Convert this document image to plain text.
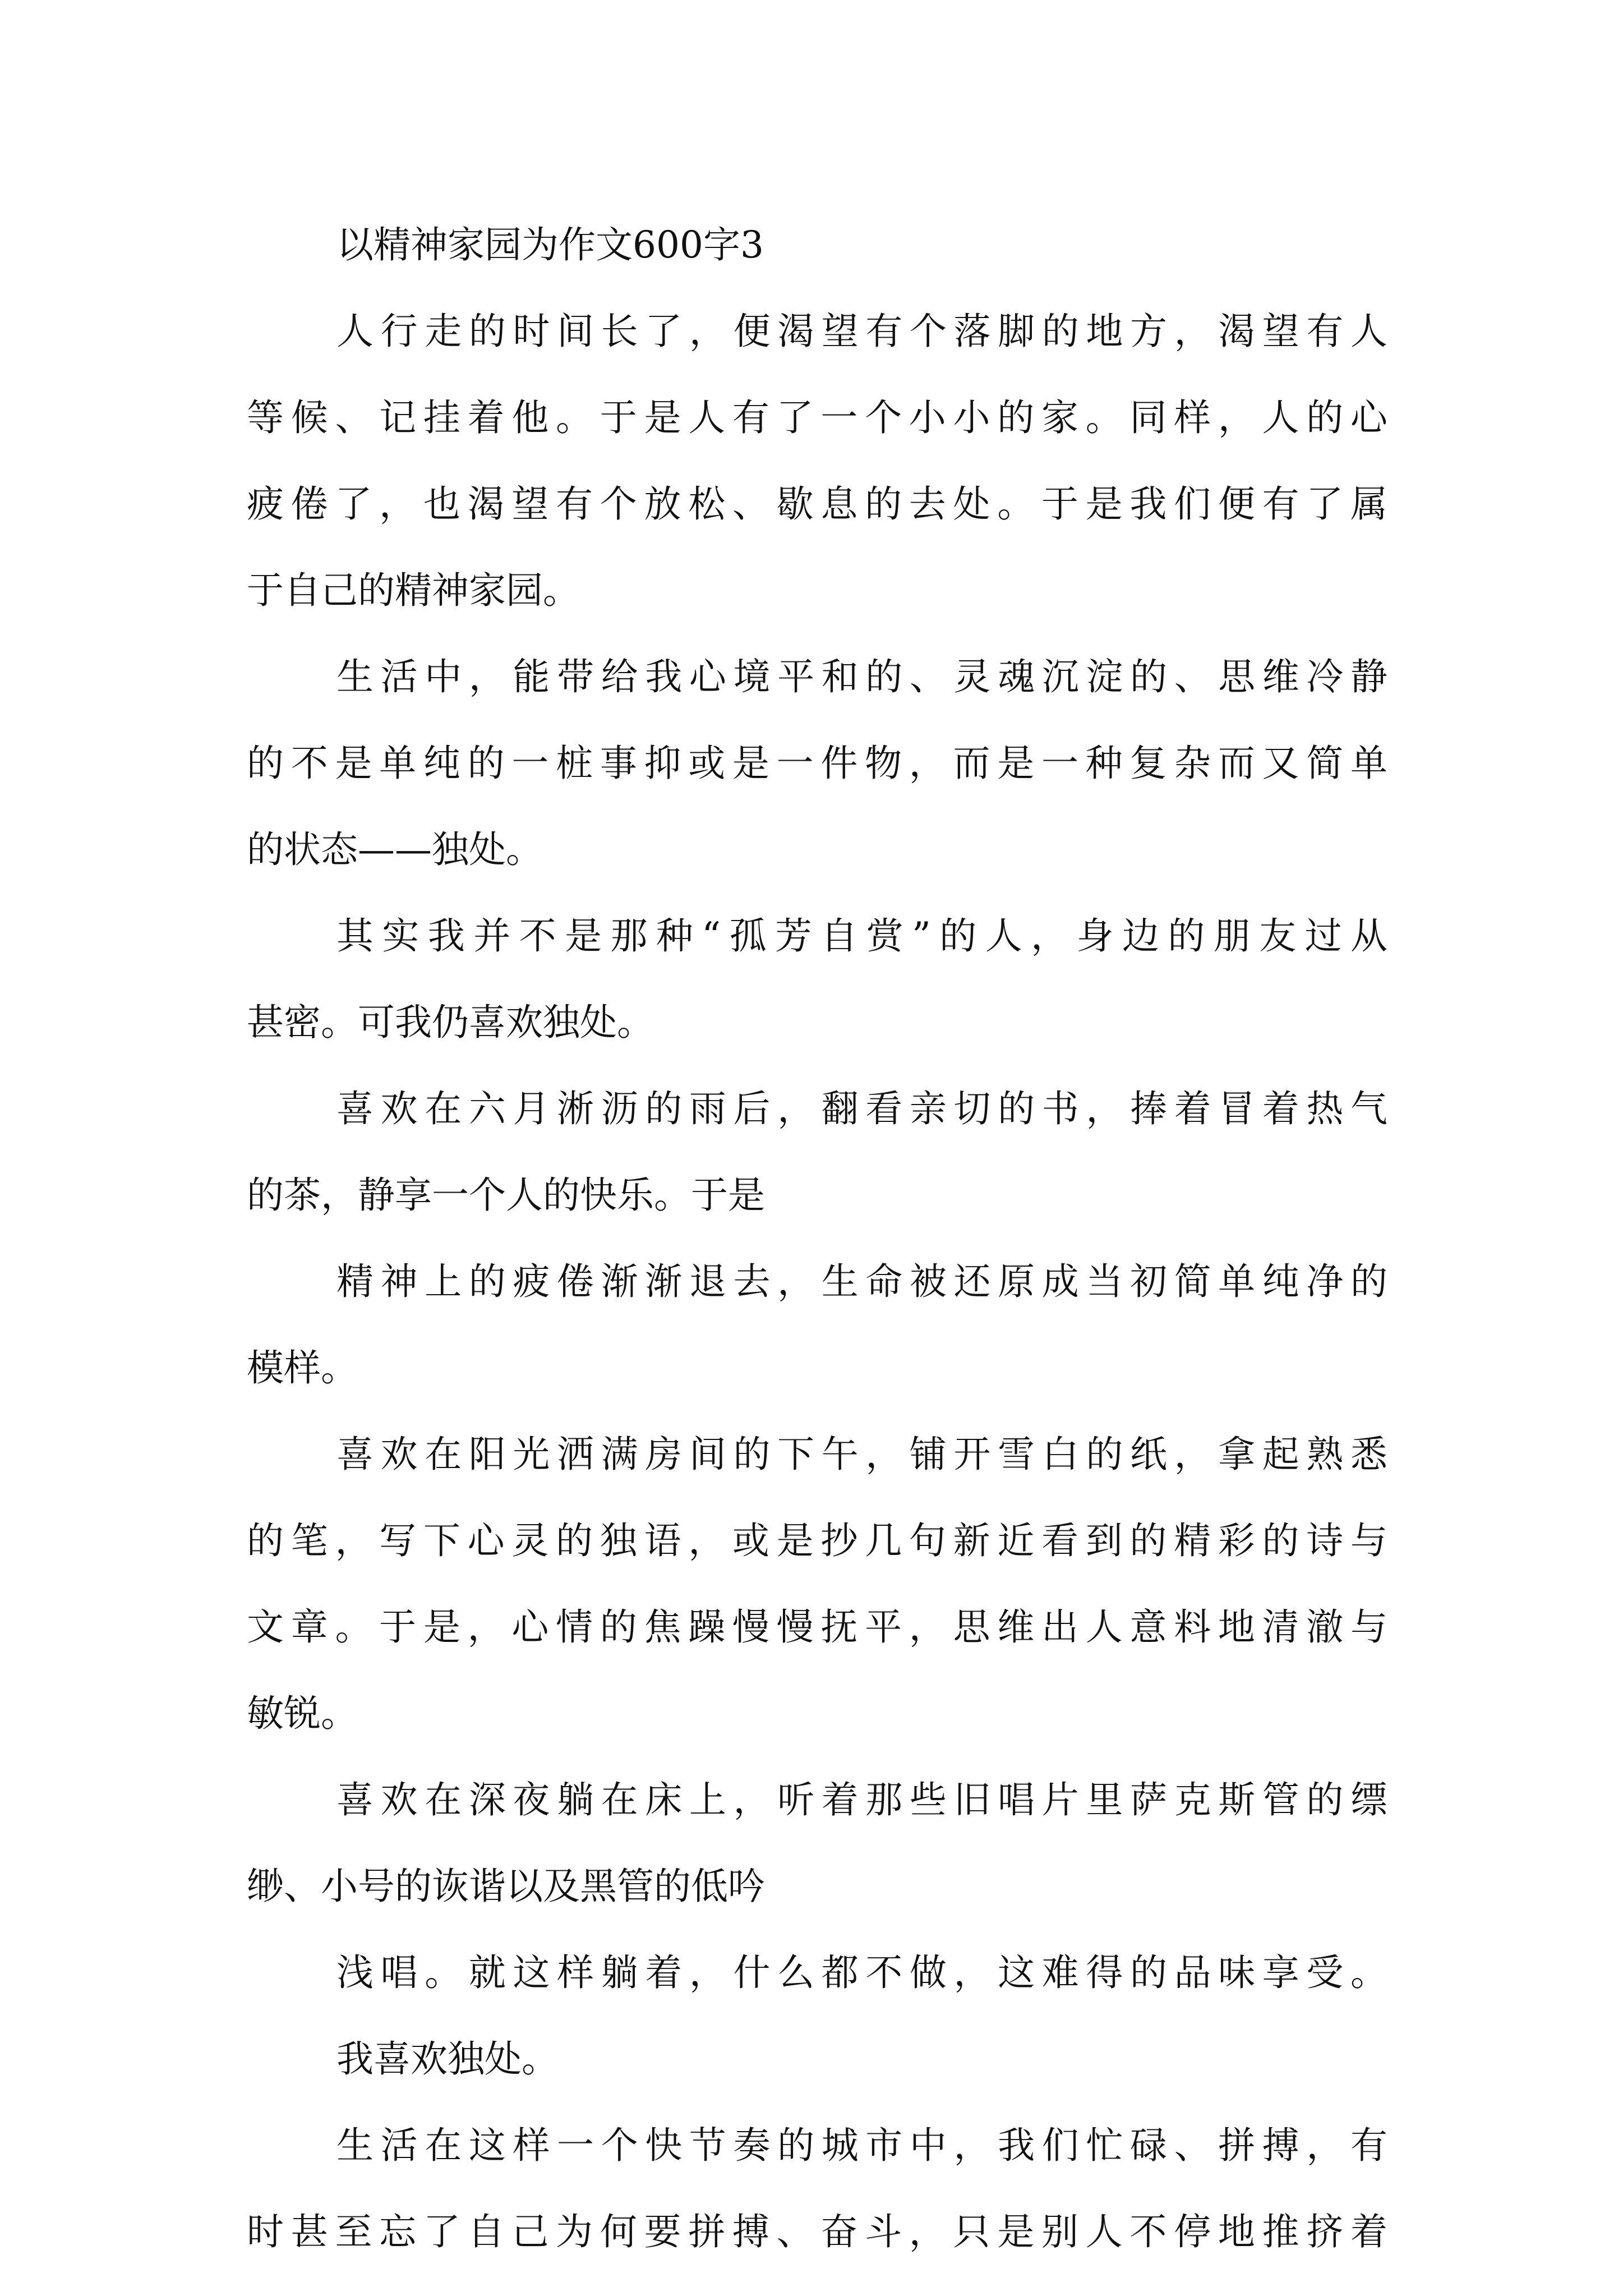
以精神家园为作文600字3
人行走的时间长了，便渴望有个落脚的地方，渴望有人
等候、记挂着他。于是人有了一个小小的家。同样，人的心
疲倦了，也渴望有个放松、歇息的去处。于是我们便有了属
于自己的精神家园。
生活中，能带给我心境平和的、灵魂沉淀的、思维冷静
的不是单纯的一桩事抑或是一件物，而是一种复杂而又简单
的状态——独处。
其实我并不是那种“孤芳自赏”的人，身边的朋友过从
甚密。可我仍喜欢独处。
喜欢在六月淅沥的雨后，翻看亲切的书，捧着冒着热气
的茶，静享一个人的快乐。于是
精神上的疲倦渐渐退去，生命被还原成当初简单纯净的
模样。
喜欢在阳光洒满房间的下午，铺开雪白的纸，拿起熟悉
的笔，写下心灵的独语，或是抄几句新近看到的精彩的诗与
文章。于是，心情的焦躁慢慢抚平，思维出人意料地清澈与
敏锐。
喜欢在深夜躺在床上，听着那些旧唱片里萨克斯管的缥
缈、小号的诙谐以及黑管的低吟
浅唱。就这样躺着，什么都不做，这难得的品味享受。
我喜欢独处。
生活在这样一个快节奏的城市中，我们忙碌、拼搏，有
时甚至忘了自己为何要拼搏、奋斗，只是别人不停地推挤着
